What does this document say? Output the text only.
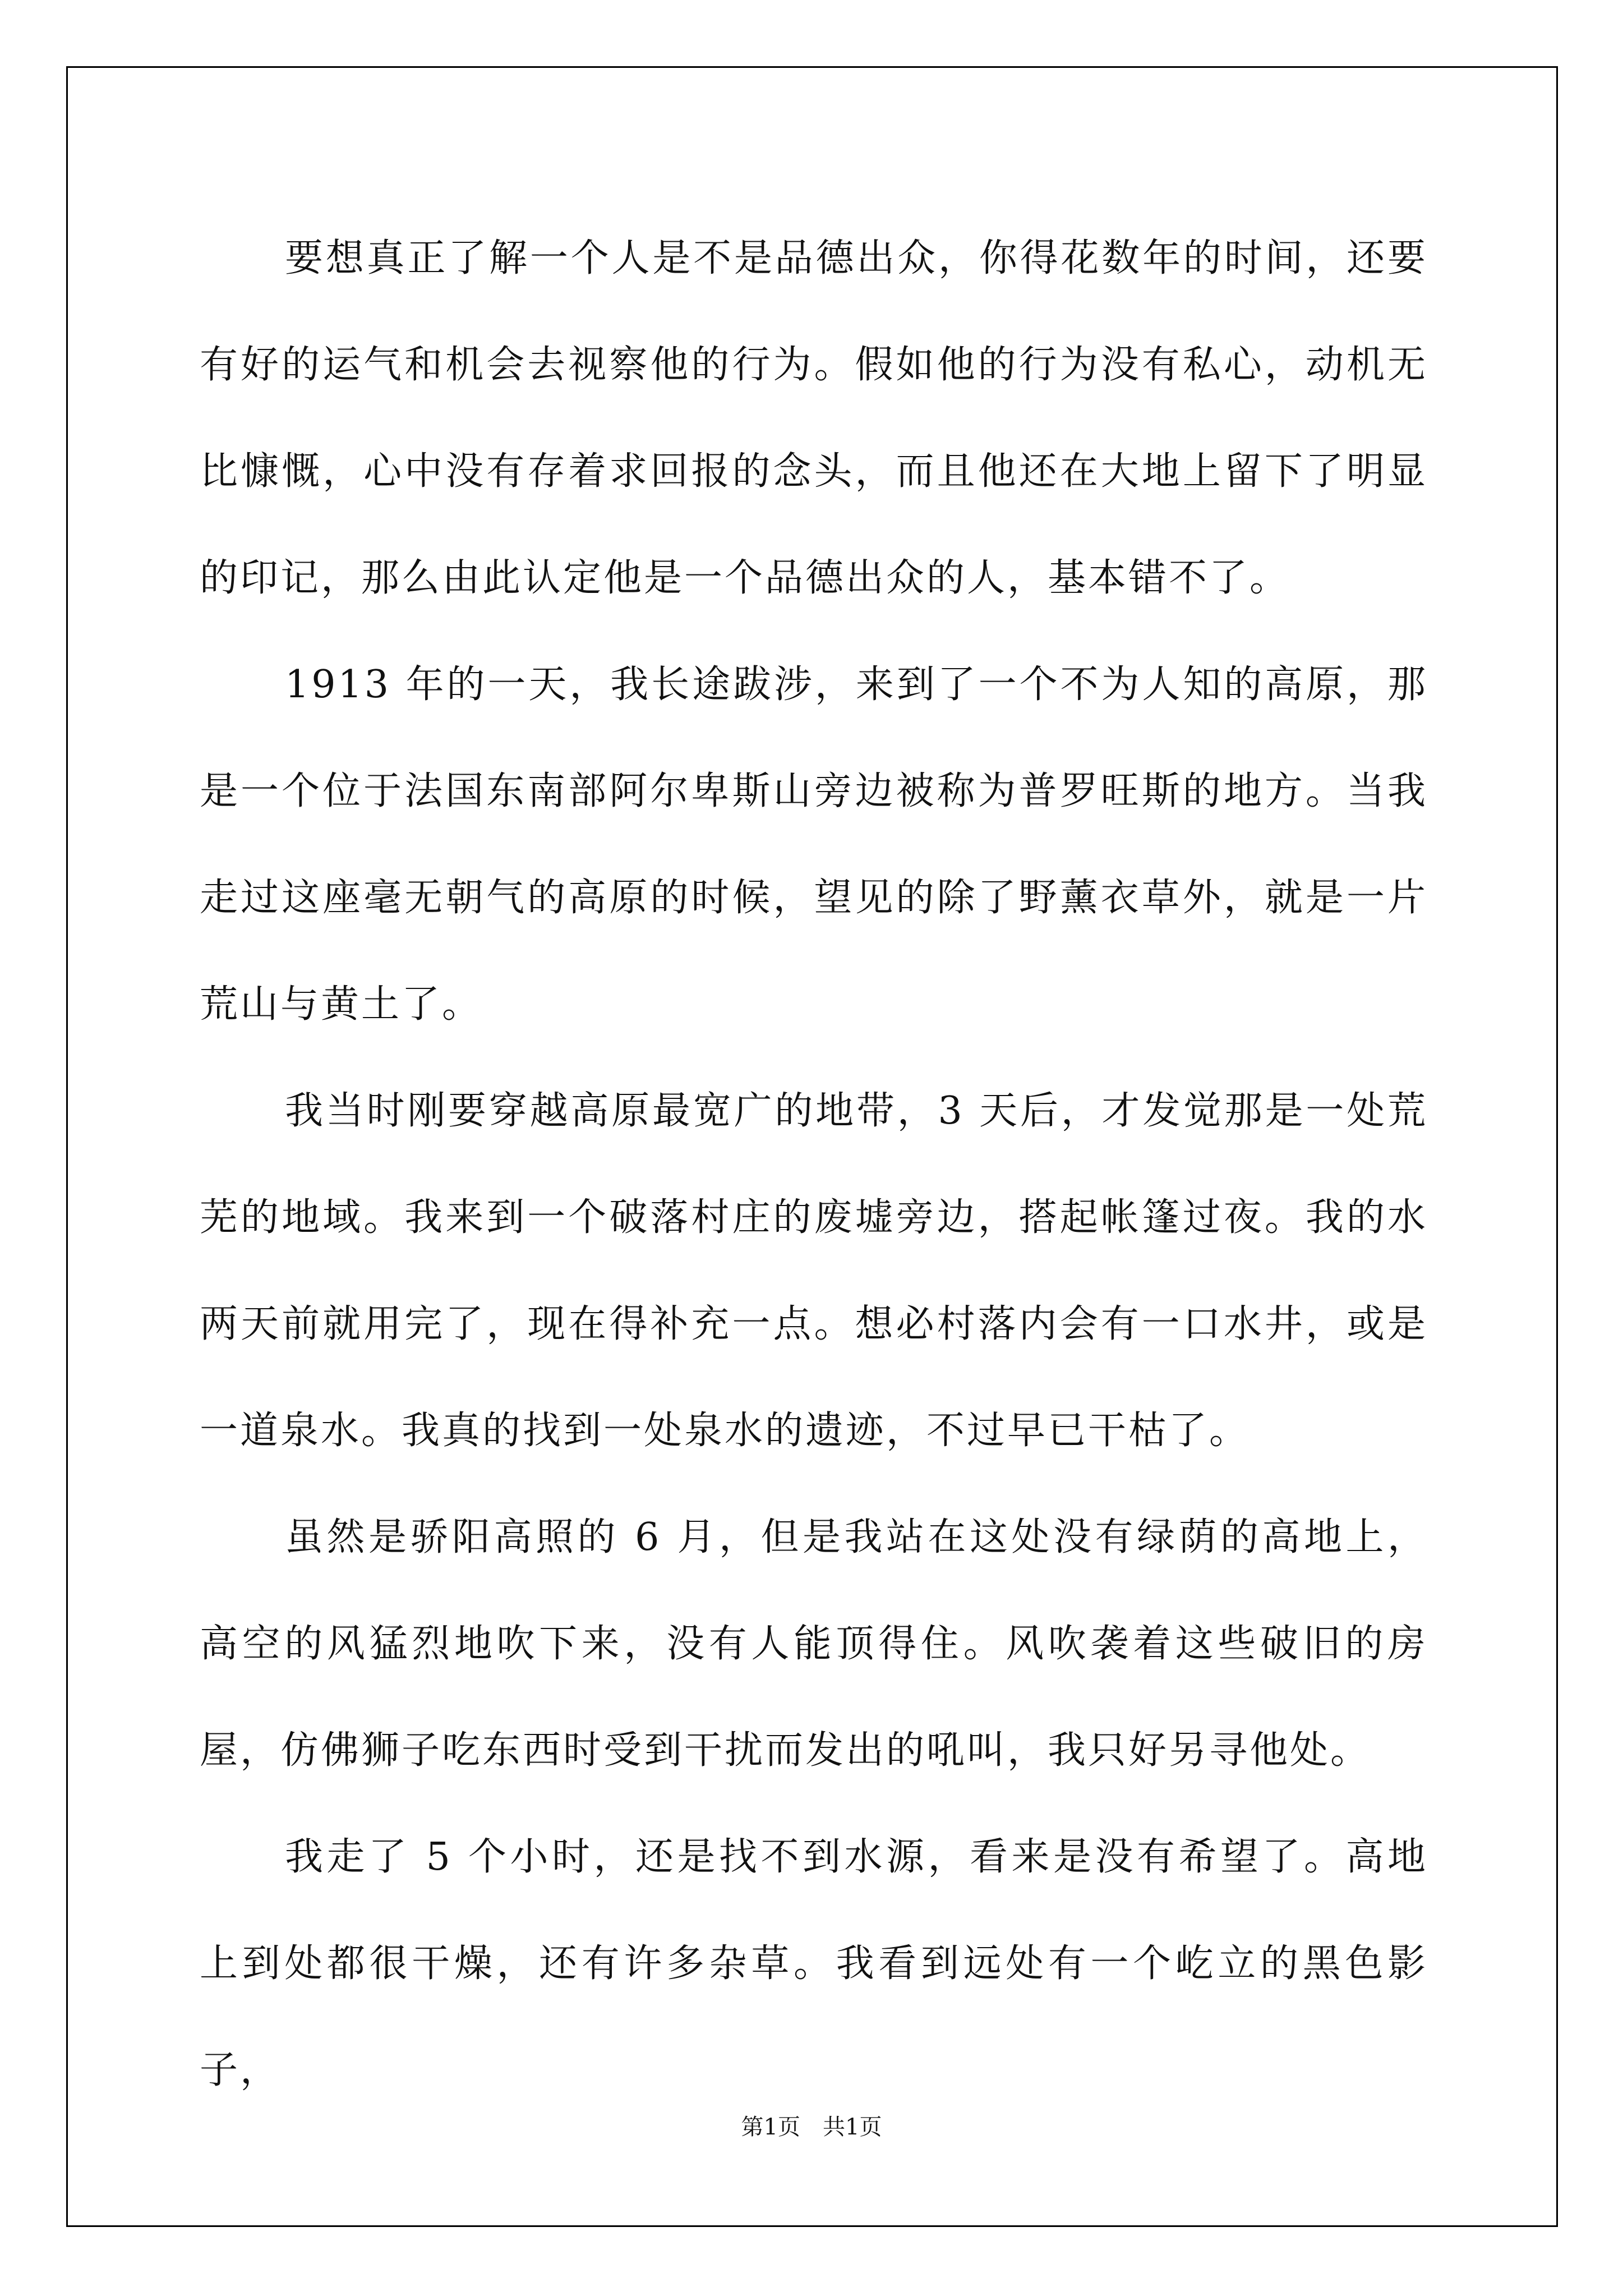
要想真正了解一个人是不是品德出众，你得花数年的时间，还要有好的运气和机会去视察他的行为。假如他的行为没有私心，动机无比慷慨，心中没有存着求回报的念头，而且他还在大地上留下了明显的印记，那么由此认定他是一个品德出众的人，基本错不了。

1913 年的一天，我长途跋涉，来到了一个不为人知的高原，那是一个位于法国东南部阿尔卑斯山旁边被称为普罗旺斯的地方。当我走过这座毫无朝气的高原的时候，望见的除了野薰衣草外，就是一片荒山与黄土了。

我当时刚要穿越高原最宽广的地带，3 天后，才发觉那是一处荒芜的地域。我来到一个破落村庄的废墟旁边，搭起帐篷过夜。我的水两天前就用完了，现在得补充一点。想必村落内会有一口水井，或是一道泉水。我真的找到一处泉水的遗迹，不过早已干枯了。

虽然是骄阳高照的 6 月，但是我站在这处没有绿荫的高地上，高空的风猛烈地吹下来，没有人能顶得住。风吹袭着这些破旧的房屋，仿佛狮子吃东西时受到干扰而发出的吼叫，我只好另寻他处。

我走了 5 个小时，还是找不到水源，看来是没有希望了。高地上到处都很干燥，还有许多杂草。我看到远处有一个屹立的黑色影子，

第1页　共1页
